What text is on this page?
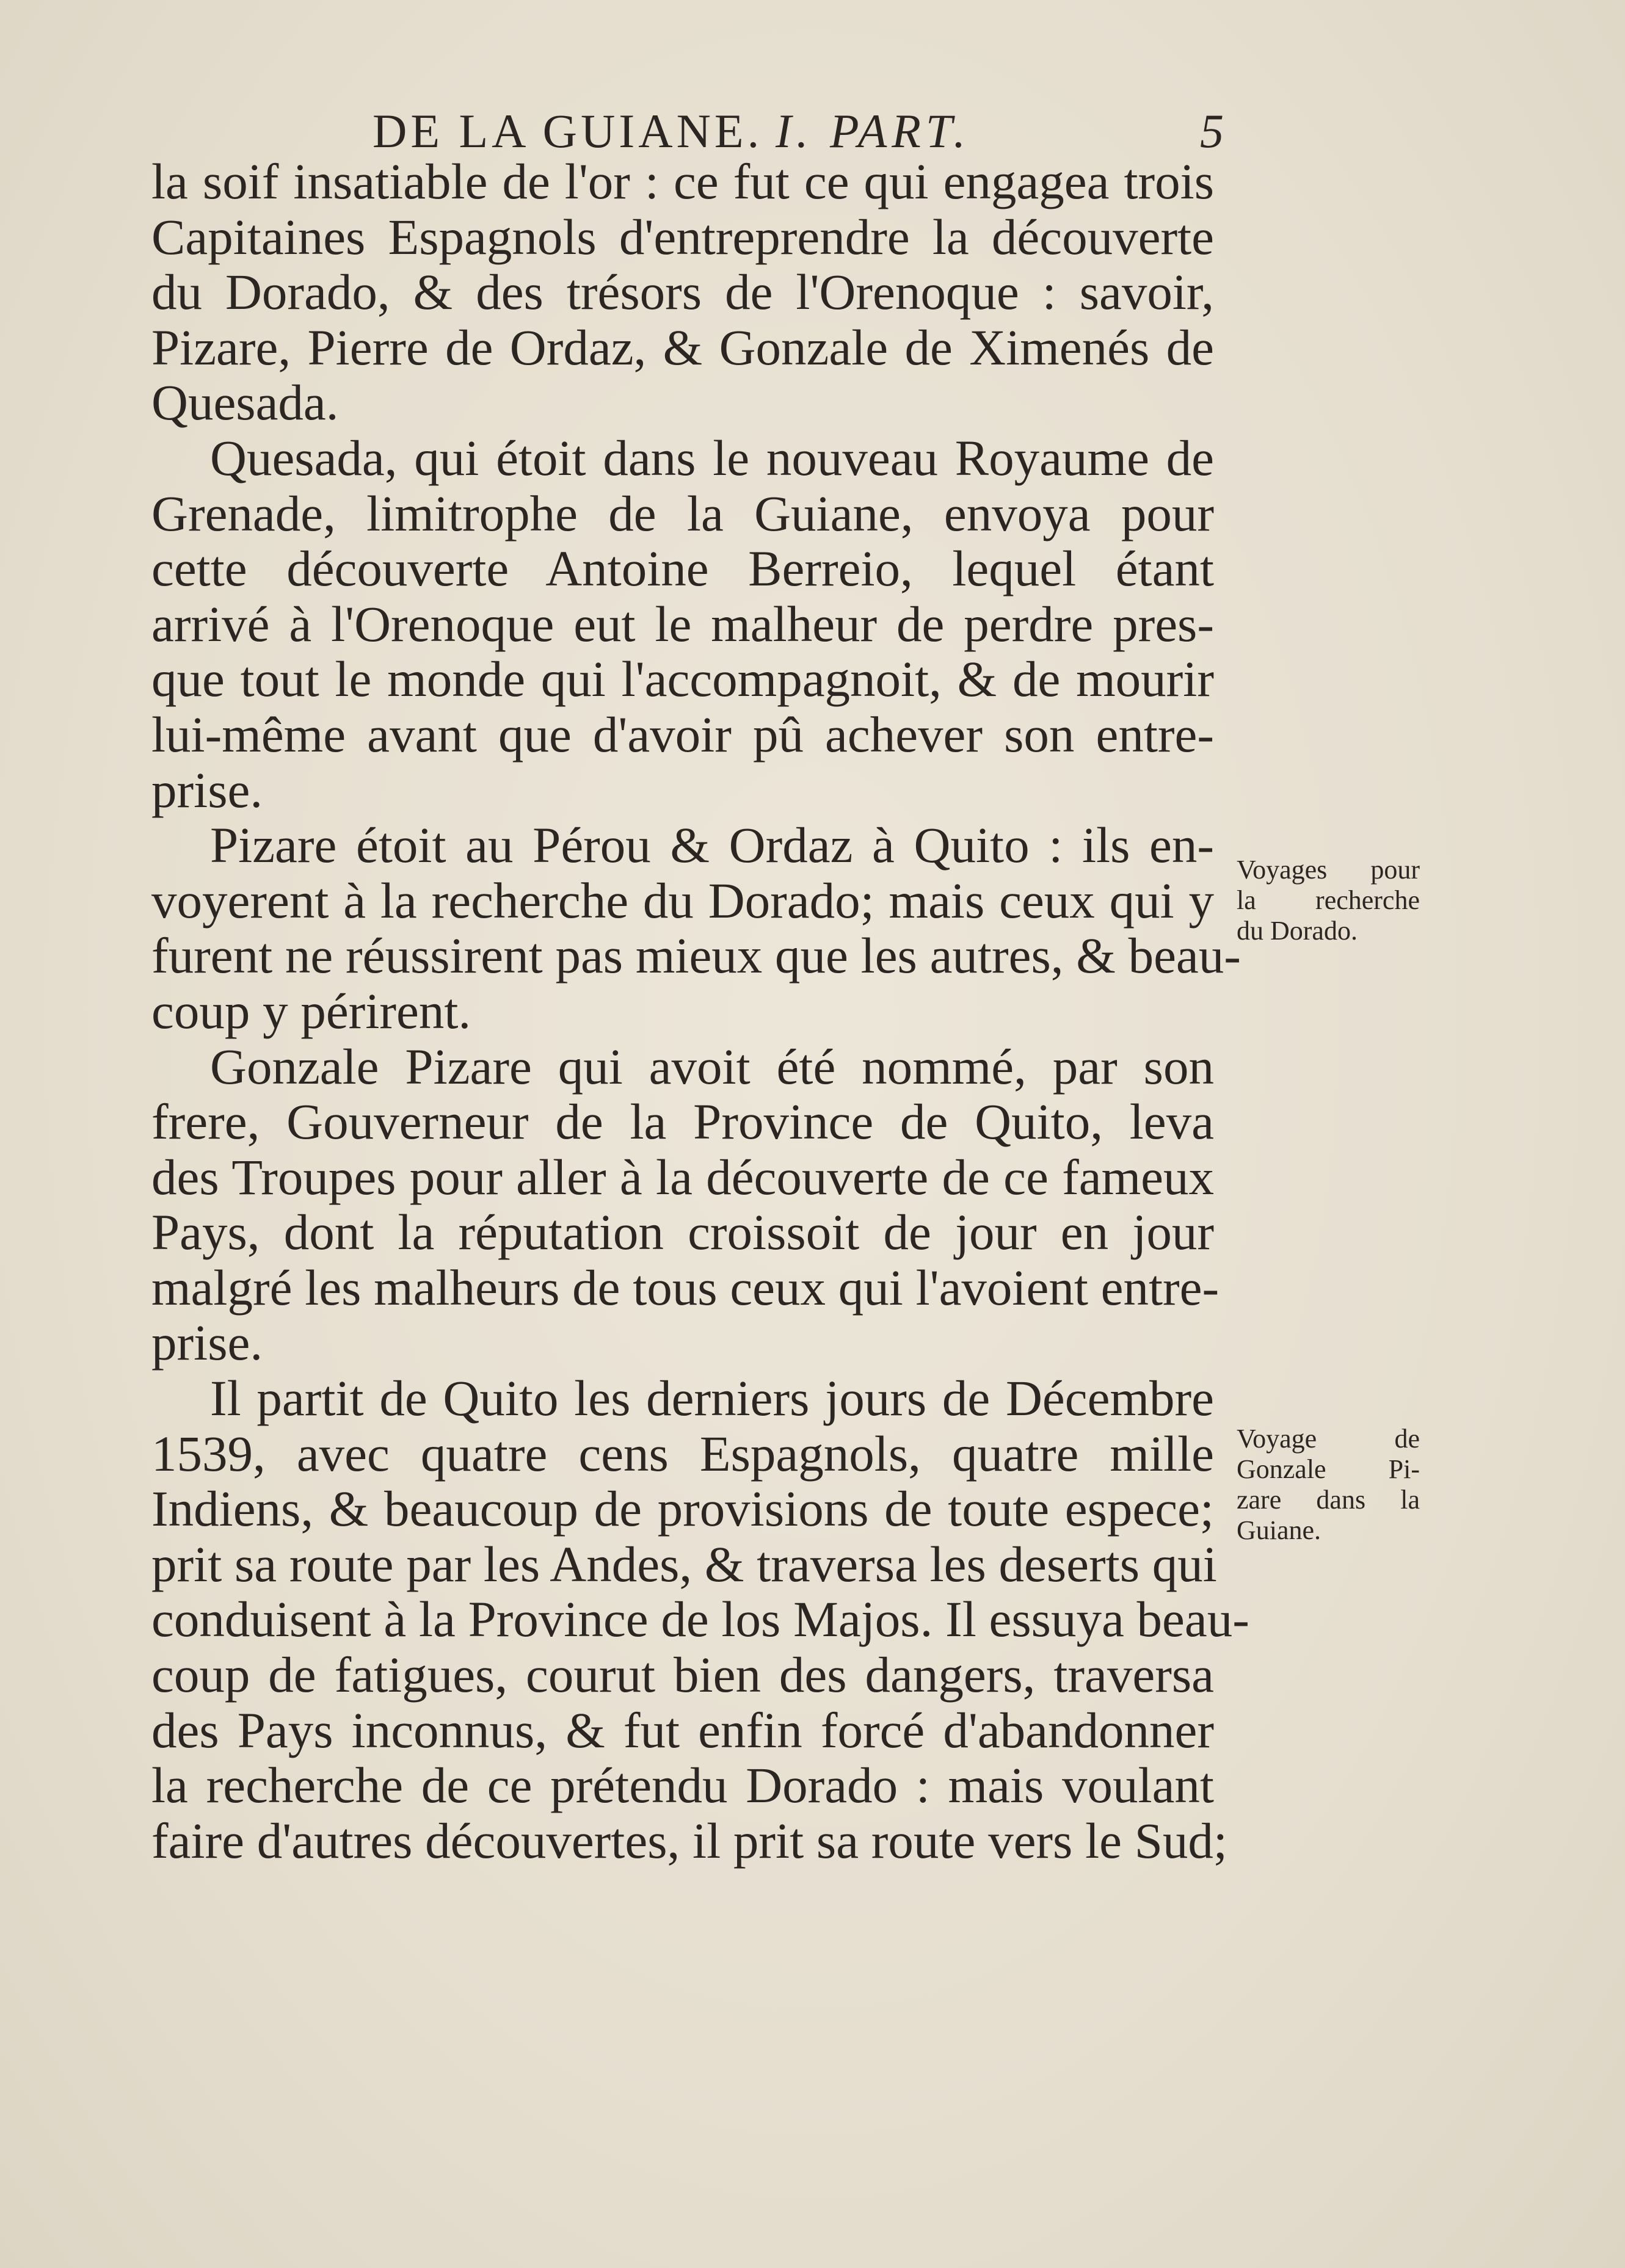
DE LA GUIANE. I. PART.	5
la soif insatiable de l'or : ce fut ce qui engagea trois
Capitaines Espagnols d'entreprendre la découverte
du Dorado, & des trésors de l'Orenoque : savoir,
Pizare, Pierre de Ordaz, & Gonzale de Ximenés de
Quesada.
Quesada, qui étoit dans le nouveau Royaume de
Grenade, limitrophe de la Guiane, envoya pour
cette découverte Antoine Berreio, lequel étant
arrivé à l'Orenoque eut le malheur de perdre pres-
que tout le monde qui l'accompagnoit, & de mourir
lui-même avant que d'avoir pû achever son entre-
prise.
Pizare étoit au Pérou & Ordaz à Quito : ils en-
voyerent à la recherche du Dorado; mais ceux qui y
furent ne réussirent pas mieux que les autres, & beau-
coup y périrent.
Gonzale Pizare qui avoit été nommé, par son
frere, Gouverneur de la Province de Quito, leva
des Troupes pour aller à la découverte de ce fameux
Pays, dont la réputation croissoit de jour en jour
malgré les malheurs de tous ceux qui l'avoient entre-
prise.
Il partit de Quito les derniers jours de Décembre
1539, avec quatre cens Espagnols, quatre mille
Indiens, & beaucoup de provisions de toute espece;
prit sa route par les Andes, & traversa les deserts qui
conduisent à la Province de los Majos. Il essuya beau-
coup de fatigues, courut bien des dangers, traversa
des Pays inconnus, & fut enfin forcé d'abandonner
la recherche de ce prétendu Dorado : mais voulant
faire d'autres découvertes, il prit sa route vers le Sud;
Voyages pour
la recherche
du Dorado.
Voyage de
Gonzale Pi-
zare dans la
Guiane.
